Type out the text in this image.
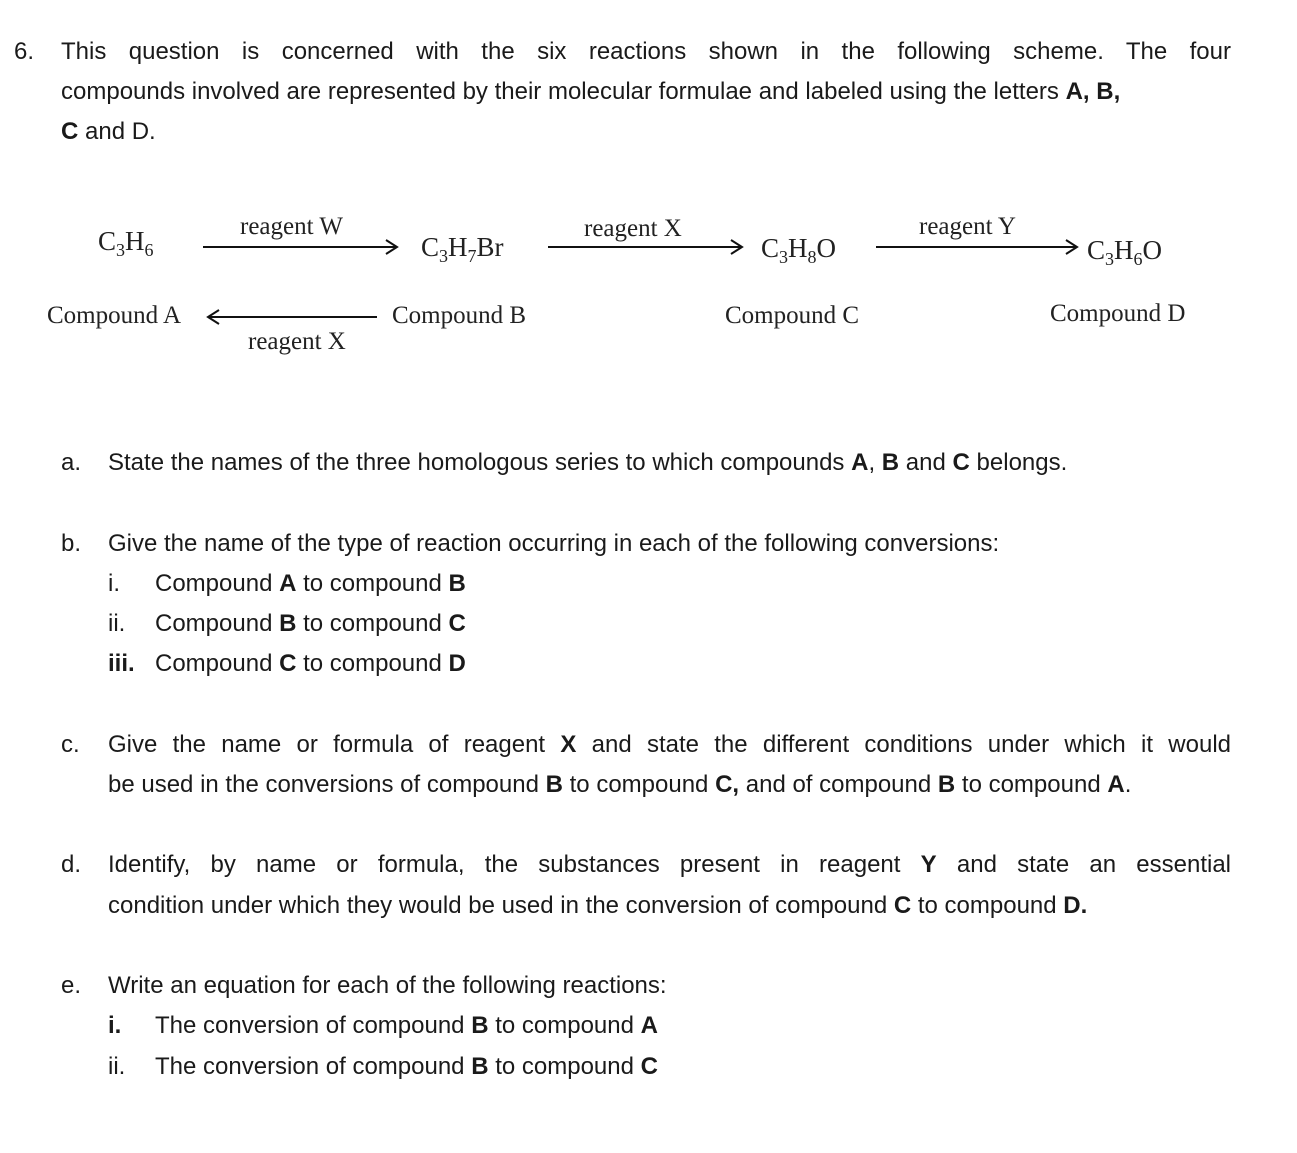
6. This question is concerned with the six reactions shown in the following scheme. The four
compounds involved are represented by their molecular formulae and labeled using the letters A, B,
C and D.
$C_3H_6$	$C_3H_7Br$	$C_3H_8O$	$C_3H_6O$
reagent W	reagent X	reagent Y
reagent X
Compound A	Compound B	Compound C	Compound D
a. State the names of the three homologous series to which compounds A, B and C belongs.
b. Give the name of the type of reaction occurring in each of the following conversions:
i. Compound A to compound B
ii. Compound B to compound C
iii. Compound C to compound D
c. Give the name or formula of reagent X and state the different conditions under which it would
be used in the conversions of compound B to compound C, and of compound B to compound A.
d. Identify, by name or formula, the substances present in reagent Y and state an essential
condition under which they would be used in the conversion of compound C to compound D.
e. Write an equation for each of the following reactions:
i. The conversion of compound B to compound A
ii. The conversion of compound B to compound C
